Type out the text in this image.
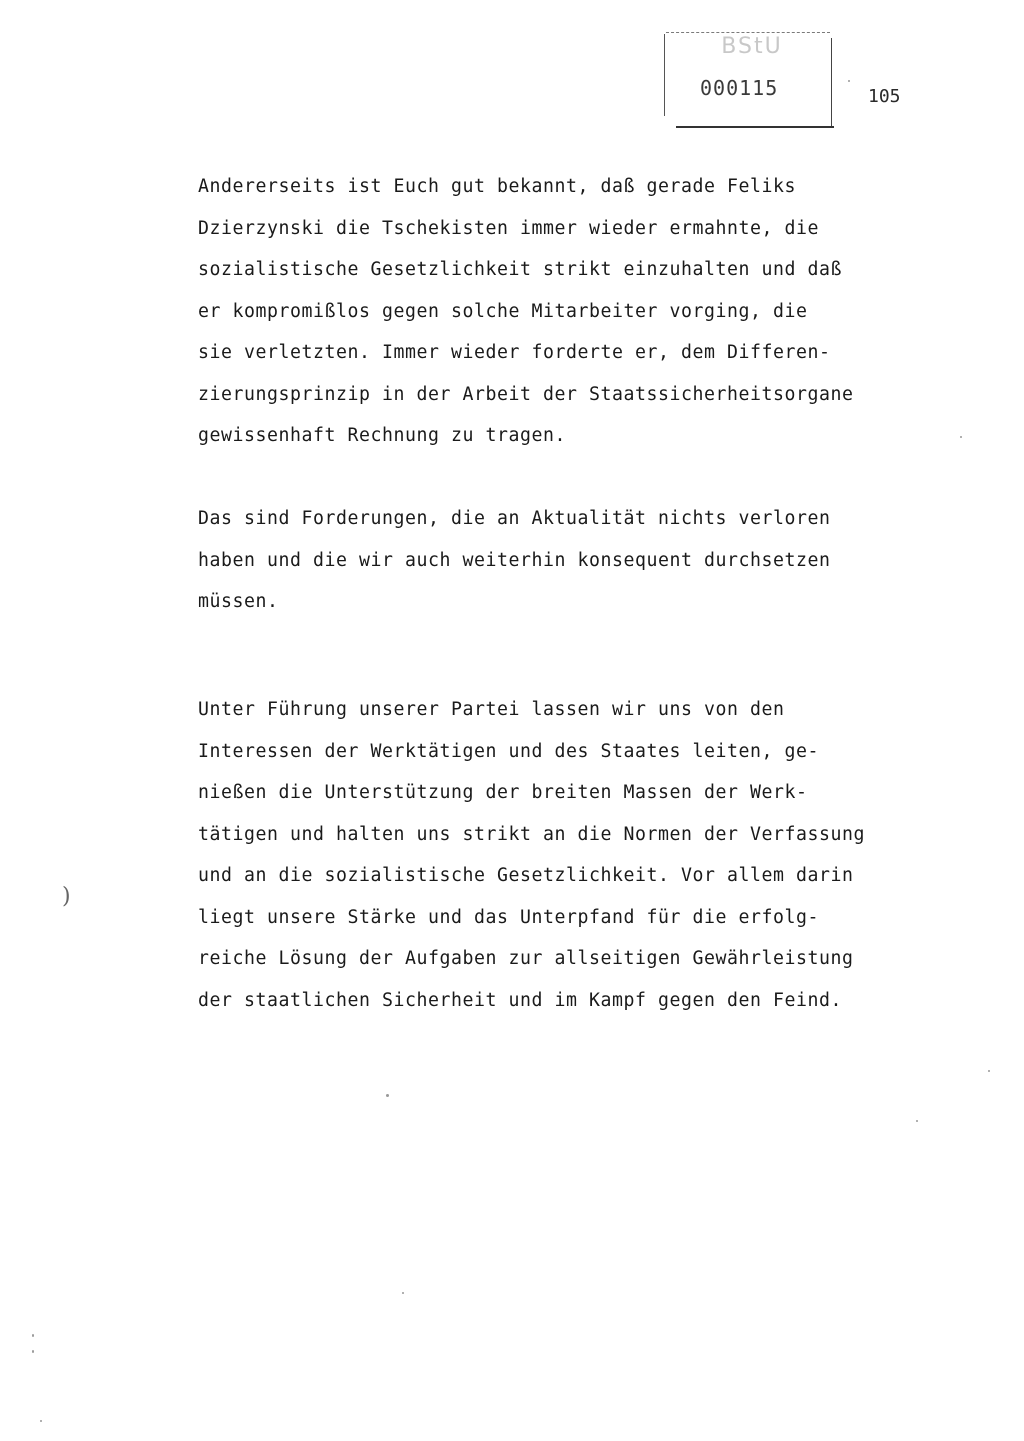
BStU
000115	105
Andererseits ist Euch gut bekannt, daß gerade Feliks
Dzierzynski die Tschekisten immer wieder ermahnte, die
sozialistische Gesetzlichkeit strikt einzuhalten und daß
er kompromißlos gegen solche Mitarbeiter vorging, die
sie verletzten. Immer wieder forderte er, dem Differen-
zierungsprinzip in der Arbeit der Staatssicherheitsorgane
gewissenhaft Rechnung zu tragen.
Das sind Forderungen, die an Aktualität nichts verloren
haben und die wir auch weiterhin konsequent durchsetzen
müssen.
Unter Führung unserer Partei lassen wir uns von den
Interessen der Werktätigen und des Staates leiten, ge-
nießen die Unterstützung der breiten Massen der Werk-
tätigen und halten uns strikt an die Normen der Verfassung
und an die sozialistische Gesetzlichkeit. Vor allem darin
liegt unsere Stärke und das Unterpfand für die erfolg-
reiche Lösung der Aufgaben zur allseitigen Gewährleistung
der staatlichen Sicherheit und im Kampf gegen den Feind.
)
